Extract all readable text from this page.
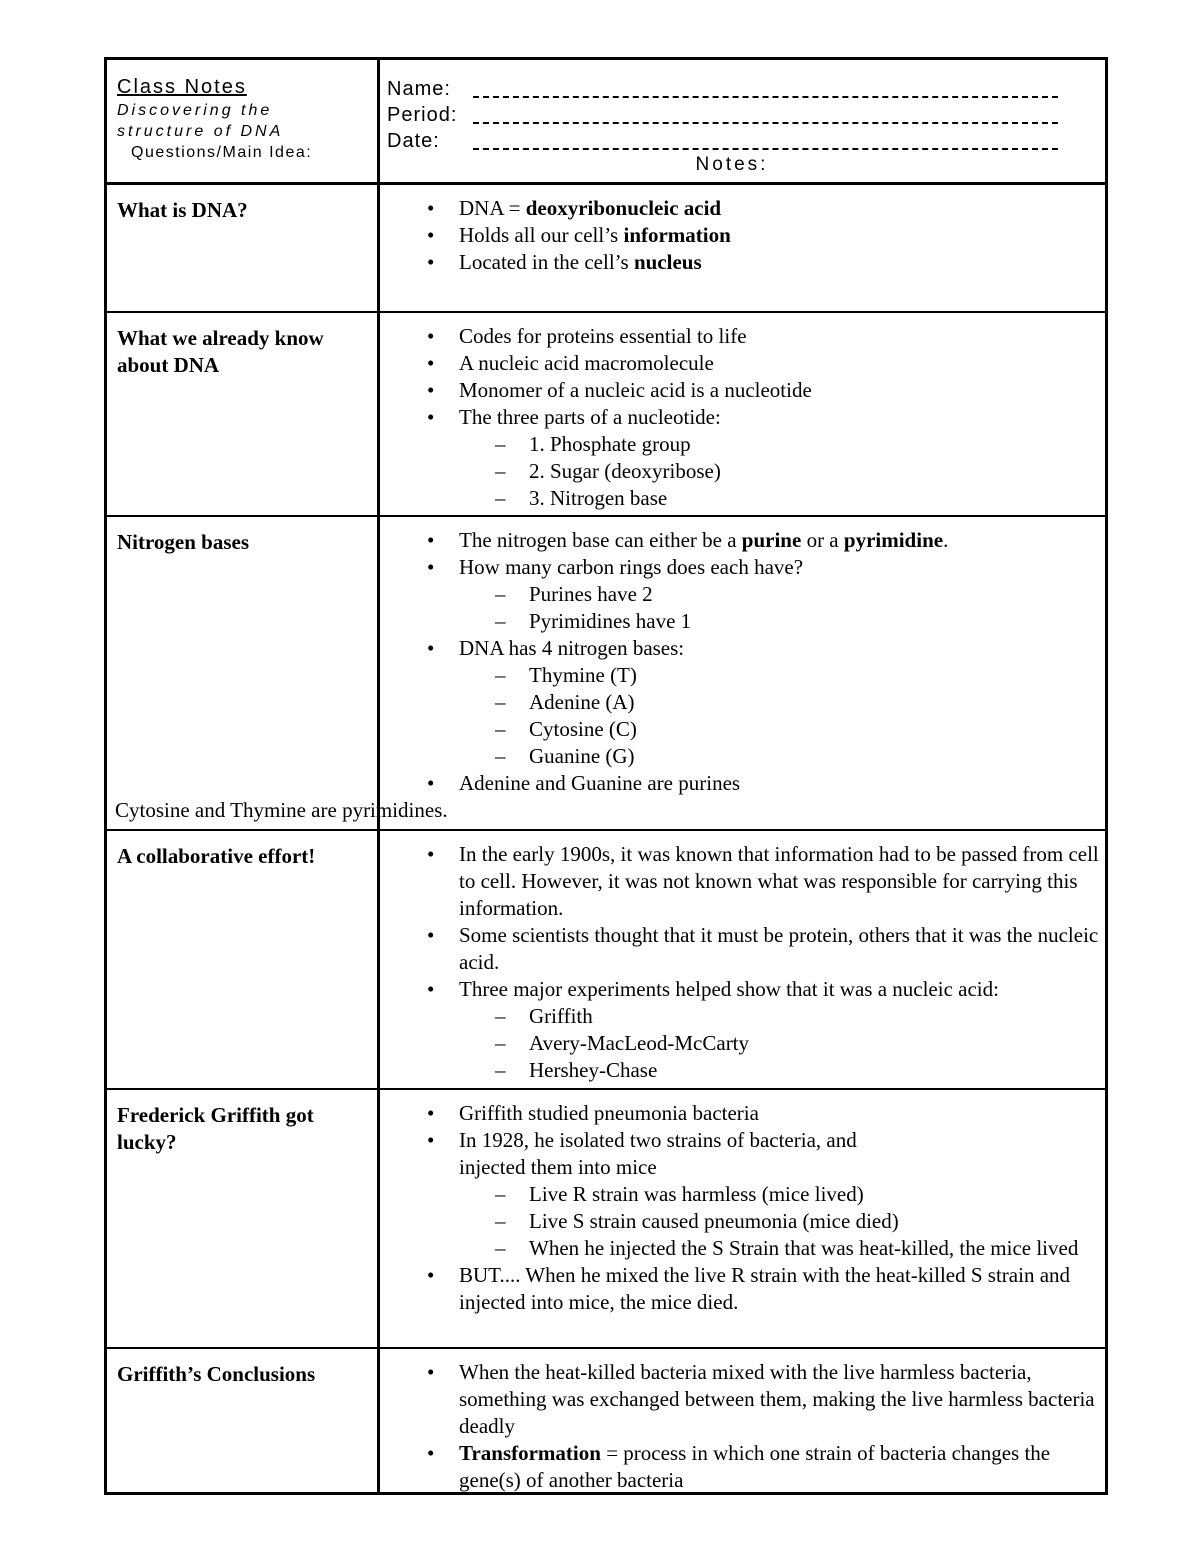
Class Notes
Discovering the
structure of DNA
Questions/Main Idea:
Name:
Period:
Date:
Notes:
What is DNA?	• DNA = deoxyribonucleic acid
• Holds all our cell’s information
• Located in the cell’s nucleus
What we already know about DNA
• Codes for proteins essential to life
• A nucleic acid macromolecule
• Monomer of a nucleic acid is a nucleotide
• The three parts of a nucleotide:
– 1. Phosphate group
– 2. Sugar (deoxyribose)
– 3. Nitrogen base
Nitrogen bases	• The nitrogen base can either be a purine or a pyrimidine.
• How many carbon rings does each have?
– Purines have 2
– Pyrimidines have 1
• DNA has 4 nitrogen bases:
– Thymine (T)
– Adenine (A)
– Cytosine (C)
– Guanine (G)
• Adenine and Guanine are purines
Cytosine and Thymine are pyrimidines.
A collaborative effort!	• In the early 1900s, it was known that information had to be passed from cell to cell. However, it was not known what was responsible for carrying this information.
• Some scientists thought that it must be protein, others that it was the nucleic acid.
• Three major experiments helped show that it was a nucleic acid:
– Griffith
– Avery-MacLeod-McCarty
– Hershey-Chase
Frederick Griffith got lucky?
• Griffith studied pneumonia bacteria
• In 1928, he isolated two strains of bacteria, and injected them into mice
– Live R strain was harmless (mice lived)
– Live S strain caused pneumonia (mice died)
– When he injected the S Strain that was heat-killed, the mice lived
• BUT.... When he mixed the live R strain with the heat-killed S strain and injected into mice, the mice died.
Griffith’s Conclusions	• When the heat-killed bacteria mixed with the live harmless bacteria, something was exchanged between them, making the live harmless bacteria deadly
• Transformation = process in which one strain of bacteria changes the gene(s) of another bacteria
